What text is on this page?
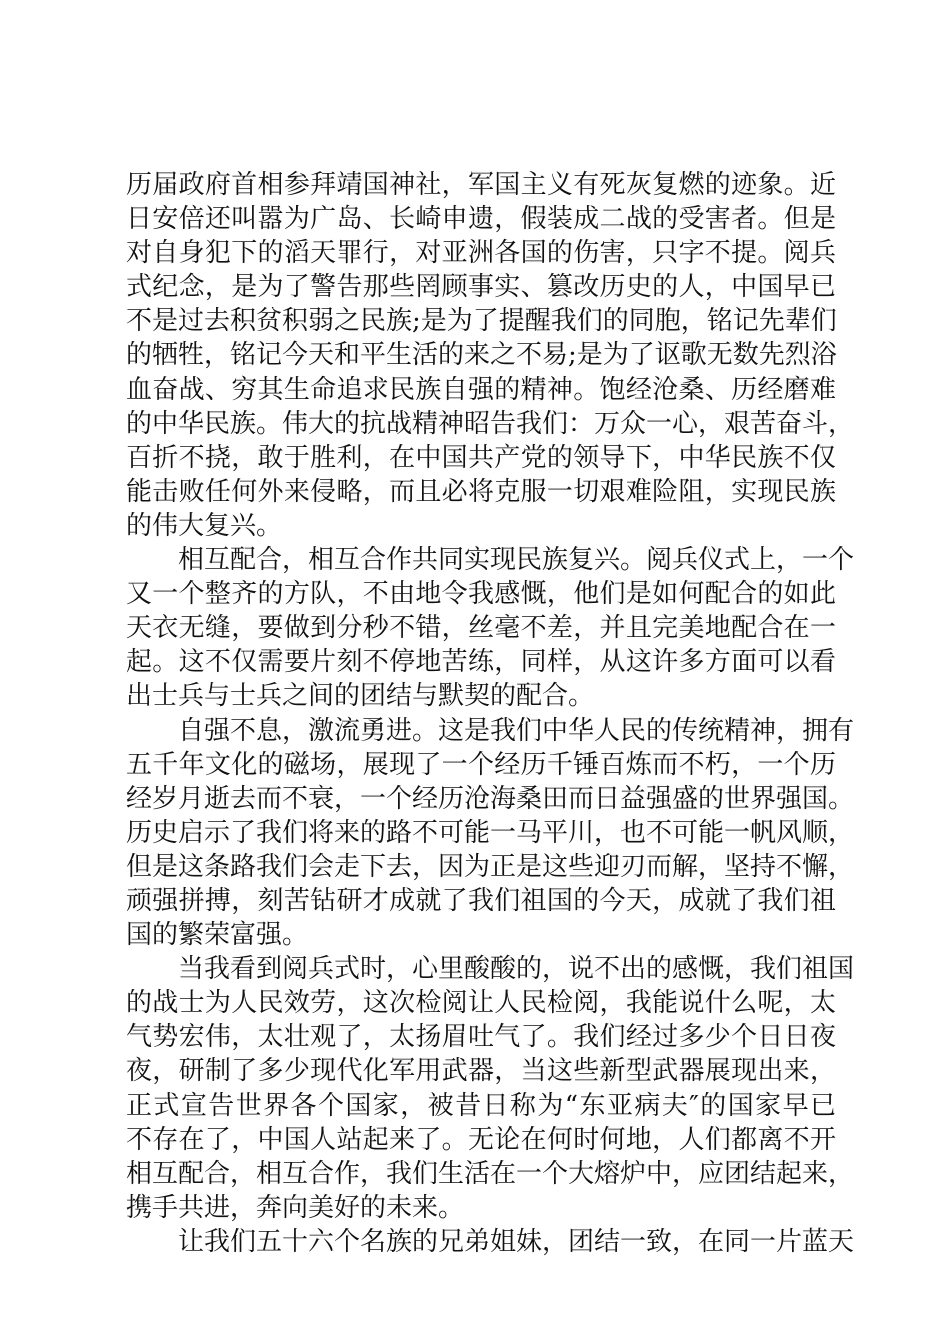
历届政府首相参拜靖国神社，军国主义有死灰复燃的迹象。近
日安倍还叫嚣为广岛、长崎申遗，假装成二战的受害者。但是
对自身犯下的滔天罪行，对亚洲各国的伤害，只字不提。阅兵
式纪念，是为了警告那些罔顾事实、篡改历史的人，中国早已
不是过去积贫积弱之民族;是为了提醒我们的同胞，铭记先辈们
的牺牲，铭记今天和平生活的来之不易;是为了讴歌无数先烈浴
血奋战、穷其生命追求民族自强的精神。饱经沧桑、历经磨难
的中华民族。伟大的抗战精神昭告我们：万众一心，艰苦奋斗，
百折不挠，敢于胜利，在中国共产党的领导下，中华民族不仅
能击败任何外来侵略，而且必将克服一切艰难险阻，实现民族
的伟大复兴。
相互配合，相互合作共同实现民族复兴。阅兵仪式上，一个
又一个整齐的方队，不由地令我感慨，他们是如何配合的如此
天衣无缝，要做到分秒不错，丝毫不差，并且完美地配合在一
起。这不仅需要片刻不停地苦练，同样，从这许多方面可以看
出士兵与士兵之间的团结与默契的配合。
自强不息，激流勇进。这是我们中华人民的传统精神，拥有
五千年文化的磁场，展现了一个经历千锤百炼而不朽，一个历
经岁月逝去而不衰，一个经历沧海桑田而日益强盛的世界强国。
历史启示了我们将来的路不可能一马平川，也不可能一帆风顺，
但是这条路我们会走下去，因为正是这些迎刃而解，坚持不懈，
顽强拼搏，刻苦钻研才成就了我们祖国的今天，成就了我们祖
国的繁荣富强。
当我看到阅兵式时，心里酸酸的，说不出的感慨，我们祖国
的战士为人民效劳，这次检阅让人民检阅，我能说什么呢，太
气势宏伟，太壮观了，太扬眉吐气了。我们经过多少个日日夜
夜，研制了多少现代化军用武器，当这些新型武器展现出来，
正式宣告世界各个国家，被昔日称为“东亚病夫″的国家早已
不存在了，中国人站起来了。无论在何时何地，人们都离不开
相互配合，相互合作，我们生活在一个大熔炉中，应团结起来，
携手共进，奔向美好的未来。
让我们五十六个名族的兄弟姐妹，团结一致，在同一片蓝天
